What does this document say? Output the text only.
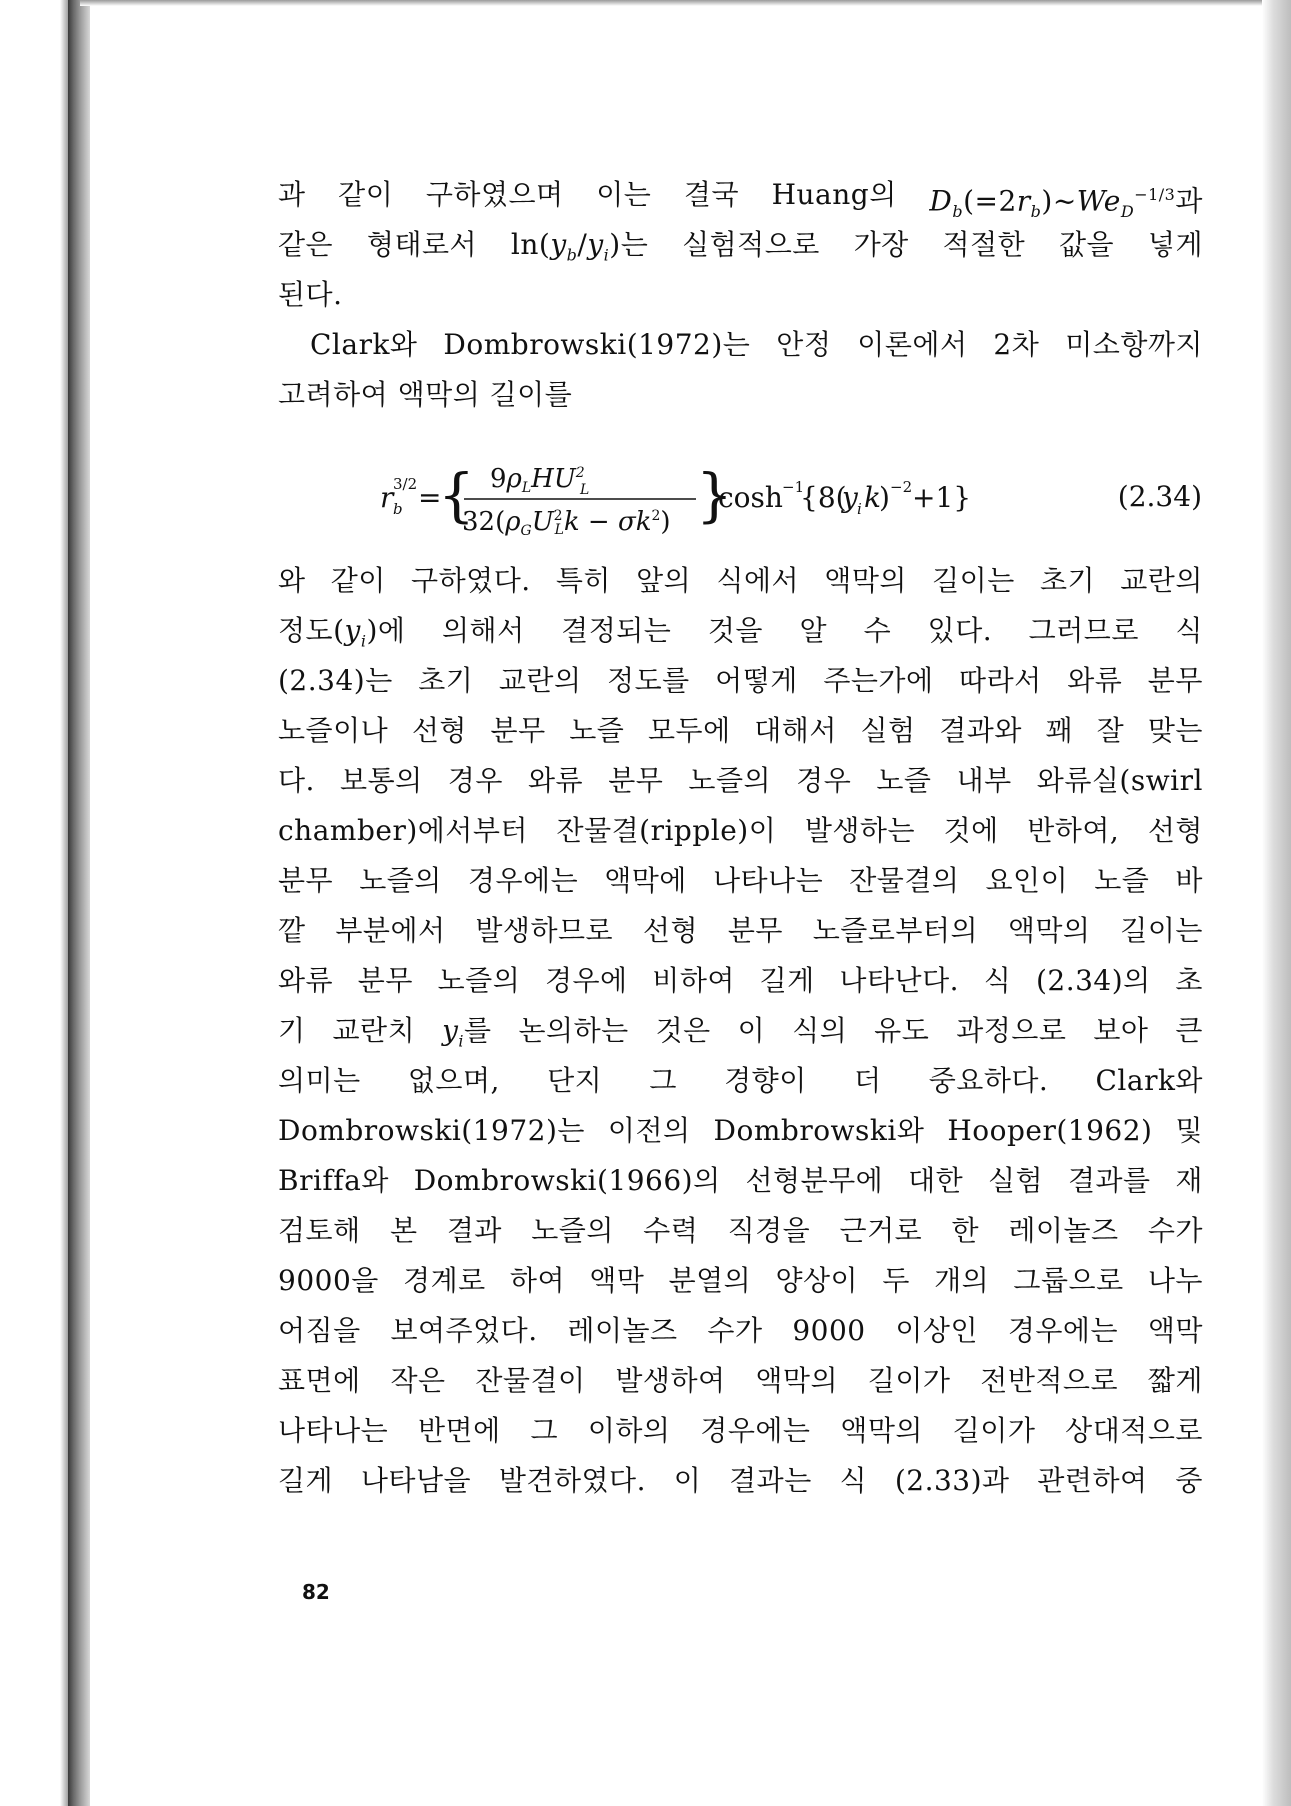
과 같이 구하였으며 이는 결국 Huang의 $D_b(=2r_b)\sim We_D^{-1/3}$과
같은 형태로서 $\ln(y_b/y_i)$는 실험적으로 가장 적절한 값을 넣게
된다.
Clark와 Dombrowski(1972)는 안정 이론에서 2차 미소항까지
고려하여 액막의 길이를
r b
3/2 =
{ 9ρLHU$^2$
L
32(ρGU$^2$ $Lk - \sigma k^2$) }
cosh −1
{8(
y i k
) −2 +1}	(2.34)
와 같이 구하였다. 특히 앞의 식에서 액막의 길이는 초기 교란의
정도$(y_i)$에 의해서 결정되는 것을 알 수 있다. 그러므로 식
(2.34)는 초기 교란의 정도를 어떻게 주는가에 따라서 와류 분무
노즐이나 선형 분무 노즐 모두에 대해서 실험 결과와 꽤 잘 맞는
다. 보통의 경우 와류 분무 노즐의 경우 노즐 내부 와류실(swirl
chamber)에서부터 잔물결(ripple)이 발생하는 것에 반하여, 선형
분무 노즐의 경우에는 액막에 나타나는 잔물결의 요인이 노즐 바
깥 부분에서 발생하므로 선형 분무 노즐로부터의 액막의 길이는
와류 분무 노즐의 경우에 비하여 길게 나타난다. 식 (2.34)의 초
기 교란치 $y_i$를 논의하는 것은 이 식의 유도 과정으로 보아 큰
의미는 없으며, 단지 그 경향이 더 중요하다. Clark와
Dombrowski(1972)는 이전의 Dombrowski와 Hooper(1962) 및
Briffa와 Dombrowski(1966)의 선형분무에 대한 실험 결과를 재
검토해 본 결과 노즐의 수력 직경을 근거로 한 레이놀즈 수가
9000을 경계로 하여 액막 분열의 양상이 두 개의 그룹으로 나누
어짐을 보여주었다. 레이놀즈 수가 9000 이상인 경우에는 액막
표면에 작은 잔물결이 발생하여 액막의 길이가 전반적으로 짧게
나타나는 반면에 그 이하의 경우에는 액막의 길이가 상대적으로
길게 나타남을 발견하였다. 이 결과는 식 (2.33)과 관련하여 중
82
